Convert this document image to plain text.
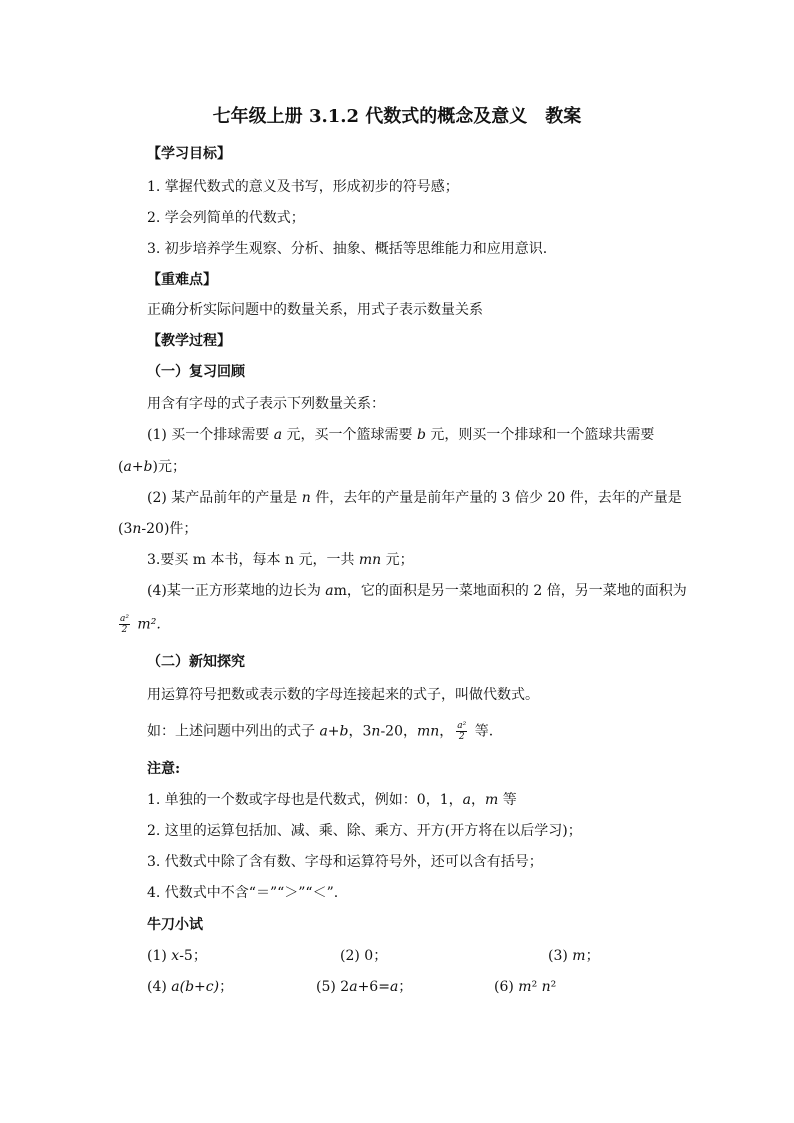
七年级上册 3.1.2 代数式的概念及意义　教案
【学习目标】
1. 掌握代数式的意义及书写，形成初步的符号感；
2. 学会列简单的代数式；
3. 初步培养学生观察、分析、抽象、概括等思维能力和应用意识.
【重难点】
正确分析实际问题中的数量关系，用式子表示数量关系
【教学过程】
（一）复习回顾
用含有字母的式子表示下列数量关系：
(1) 买一个排球需要 a 元，买一个篮球需要 b 元，则买一个排球和一个篮球共需要
(a+b)元；
(2) 某产品前年的产量是 n 件，去年的产量是前年产量的 3 倍少 20 件，去年的产量是
(3n-20)件；
3.要买 m 本书，每本 n 元，一共 mn 元；
(4)某一正方形菜地的边长为 am，它的面积是另一菜地面积的 2 倍，另一菜地的面积为
$\frac{\text{a²}}{2} m^2$.
（二）新知探究
用运算符号把数或表示数的字母连接起来的式子，叫做代数式。
如：上述问题中列出的式子 a+b，3n-20，mn， $\frac{\text{a²}}{2}$ 等.
注意:
1. 单独的一个数或字母也是代数式，例如：0，1，a，m 等
2. 这里的运算包括加、减、乘、除、乘方、开方(开方将在以后学习)；
3. 代数式中除了含有数、字母和运算符号外，还可以含有括号；
4. 代数式中不含“＝”“＞”“＜”.
牛刀小试
(1) x-5；	(2) 0；	(3) m；
(4) a(b+c)；	(5) 2a+6=a；	(6) m² n²
